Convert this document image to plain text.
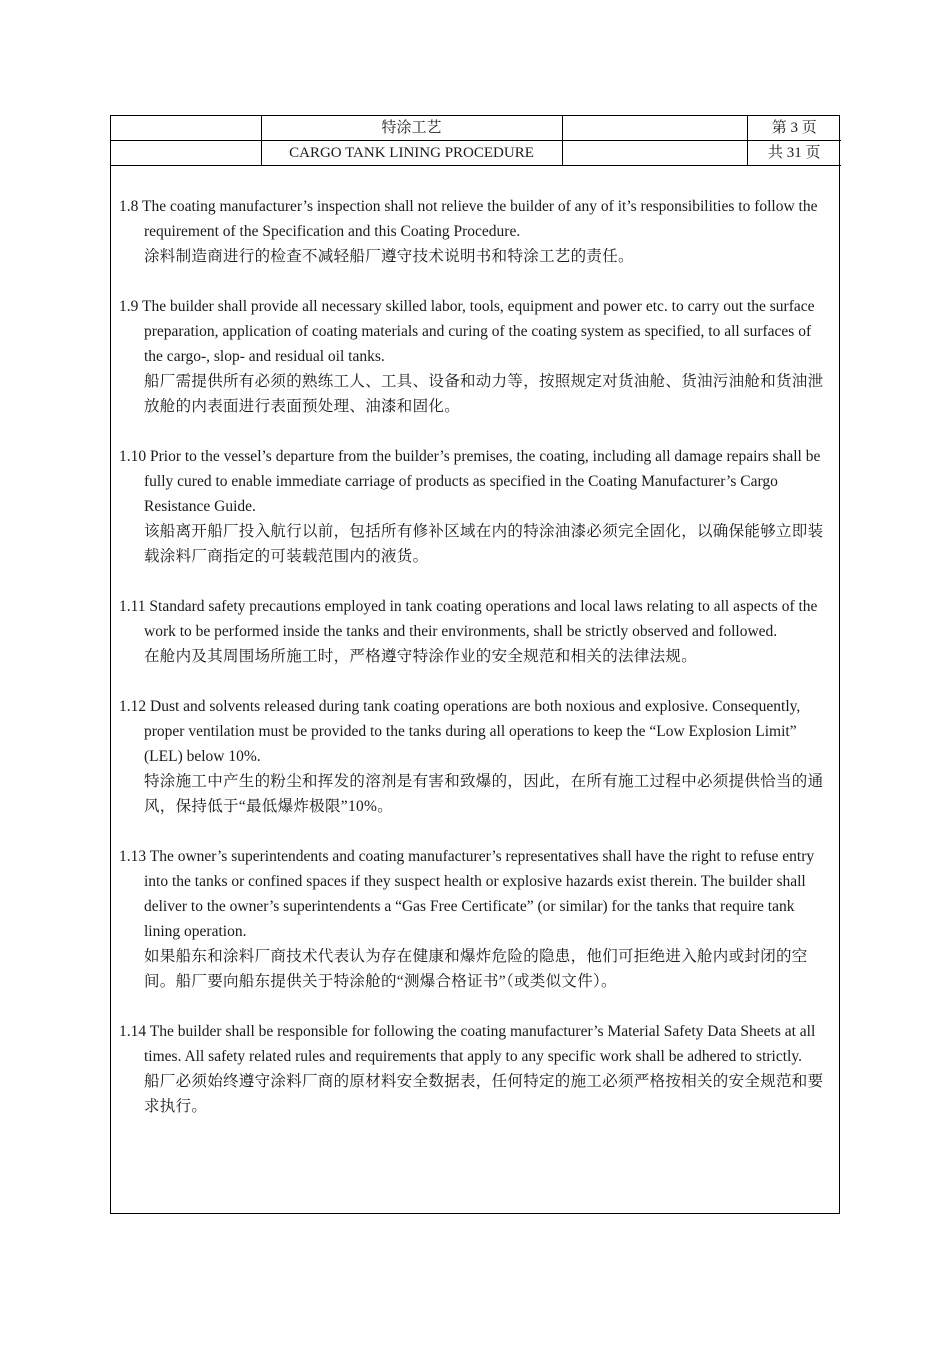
	特涂工艺		第 3 页
	CARGO TANK LINING PROCEDURE		共 31 页

1.8 The coating manufacturer’s inspection shall not relieve the builder of any of it’s responsibilities to follow the requirement of the Specification and this Coating Procedure.

涂料制造商进行的检查不减轻船厂遵守技术说明书和特涂工艺的责任。

1.9 The builder shall provide all necessary skilled labor, tools, equipment and power etc. to carry out the surface preparation, application of coating materials and curing of the coating system as specified, to all surfaces of the cargo-, slop- and residual oil tanks.

船厂需提供所有必须的熟练工人、工具、设备和动力等，按照规定对货油舱、货油污油舱和货油泄放舱的内表面进行表面预处理、油漆和固化。

1.10 Prior to the vessel’s departure from the builder’s premises, the coating, including all damage repairs shall be fully cured to enable immediate carriage of products as specified in the Coating Manufacturer’s Cargo Resistance Guide.

该船离开船厂投入航行以前，包括所有修补区域在内的特涂油漆必须完全固化，以确保能够立即装载涂料厂商指定的可装载范围内的液货。

1.11 Standard safety precautions employed in tank coating operations and local laws relating to all aspects of the work to be performed inside the tanks and their environments, shall be strictly observed and followed.

在舱内及其周围场所施工时，严格遵守特涂作业的安全规范和相关的法律法规。

1.12 Dust and solvents released during tank coating operations are both noxious and explosive. Consequently, proper ventilation must be provided to the tanks during all operations to keep the “Low Explosion Limit” (LEL) below 10%.

特涂施工中产生的粉尘和挥发的溶剂是有害和致爆的，因此，在所有施工过程中必须提供恰当的通风，保持低于“最低爆炸极限”10%。

1.13 The owner’s superintendents and coating manufacturer’s representatives shall have the right to refuse entry into the tanks or confined spaces if they suspect health or explosive hazards exist therein. The builder shall deliver to the owner’s superintendents a “Gas Free Certificate” (or similar) for the tanks that require tank lining operation.

如果船东和涂料厂商技术代表认为存在健康和爆炸危险的隐患，他们可拒绝进入舱内或封闭的空间。船厂要向船东提供关于特涂舱的“测爆合格证书”（或类似文件）。

1.14 The builder shall be responsible for following the coating manufacturer’s Material Safety Data Sheets at all times. All safety related rules and requirements that apply to any specific work shall be adhered to strictly.

船厂必须始终遵守涂料厂商的原材料安全数据表，任何特定的施工必须严格按相关的安全规范和要求执行。
